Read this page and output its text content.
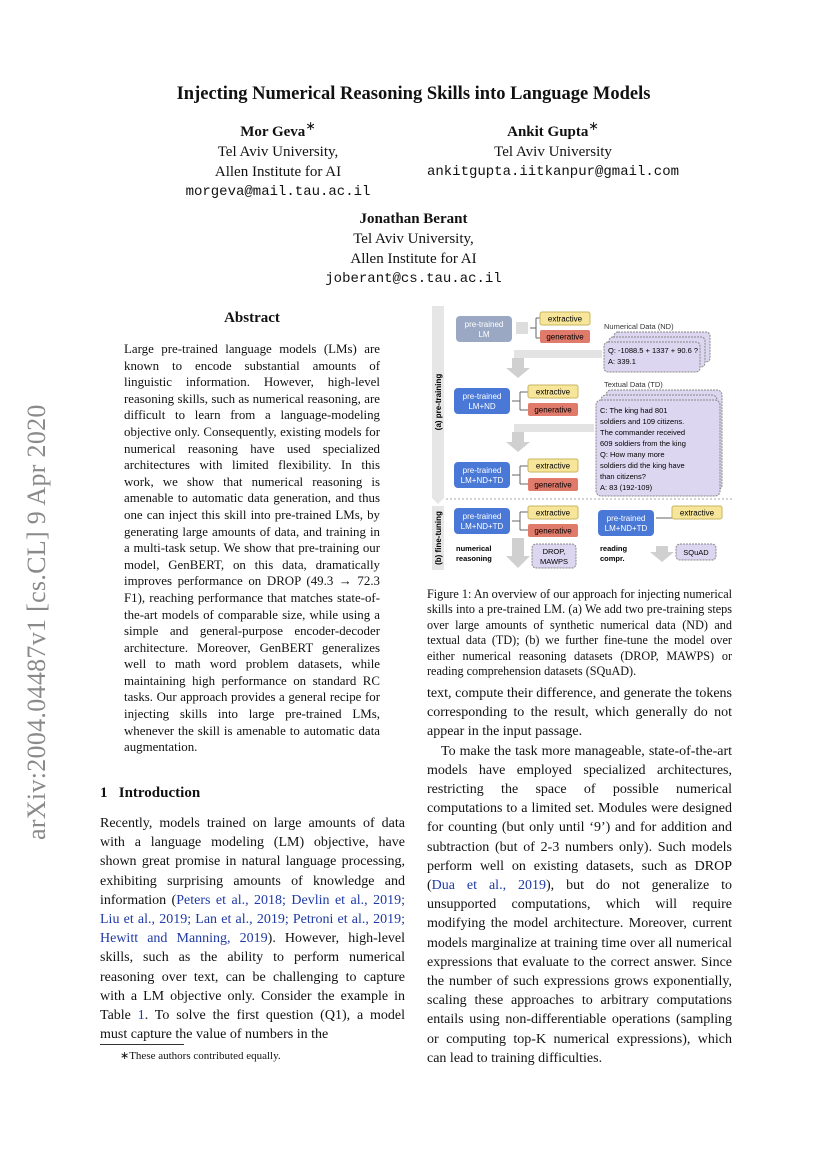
arXiv:2004.04487v1 [cs.CL] 9 Apr 2020
Injecting Numerical Reasoning Skills into Language Models
Mor Geva∗
Tel Aviv University,
Allen Institute for AI
morgeva@mail.tau.ac.il
Ankit Gupta∗
Tel Aviv University
ankitgupta.iitkanpur@gmail.com
Jonathan Berant
Tel Aviv University,
Allen Institute for AI
joberant@cs.tau.ac.il
Abstract
Large pre-trained language models (LMs) are known to encode substantial amounts of linguistic information. However, high-level reasoning skills, such as numerical reasoning, are difficult to learn from a language-modeling objective only. Consequently, existing models for numerical reasoning have used specialized architectures with limited flexibility. In this work, we show that numerical reasoning is amenable to automatic data generation, and thus one can inject this skill into pre-trained LMs, by generating large amounts of data, and training in a multi-task setup. We show that pre-training our model, GenBERT, on this data, dramatically improves performance on DROP (49.3 → 72.3 F1), reaching performance that matches state-of-the-art models of comparable size, while using a simple and general-purpose encoder-decoder architecture. Moreover, GenBERT generalizes well to math word problem datasets, while maintaining high performance on standard RC tasks. Our approach provides a general recipe for injecting skills into large pre-trained LMs, whenever the skill is amenable to automatic data augmentation.
1 Introduction
Recently, models trained on large amounts of data with a language modeling (LM) objective, have shown great promise in natural language processing, exhibiting surprising amounts of knowledge and information (Peters et al., 2018; Devlin et al., 2019; Liu et al., 2019; Lan et al., 2019; Petroni et al., 2019; Hewitt and Manning, 2019). However, high-level skills, such as the ability to perform numerical reasoning over text, can be challenging to capture with a LM objective only. Consider the example in Table 1. To solve the first question (Q1), a model must capture the value of numbers in the
∗These authors contributed equally.
(a) pre-training
(b) fine-tuning
pre-trained
LM
extractive
generative
Numerical Data (ND)
Q: -1088.5 + 1337 + 90.6 ?
A: 339.1
pre-trained
LM+ND
extractive
generative
Textual Data (TD)
C: The king had 801
soldiers and 109 citizens.
The commander received
609 soldiers from the king
Q: How many more
soldiers did the king have
than citizens?
A: 83 (192-109)
pre-trained
LM+ND+TD
extractive
generative
pre-trained
LM+ND+TD
extractive
generative
numerical
reasoning
DROP,
MAWPS
pre-trained
LM+ND+TD
extractive
reading
compr.
SQuAD
Figure 1: An overview of our approach for injecting numerical skills into a pre-trained LM. (a) We add two pre-training steps over large amounts of synthetic numerical data (ND) and textual data (TD); (b) we further fine-tune the model over either numerical reasoning datasets (DROP, MAWPS) or reading comprehension datasets (SQuAD).

text, compute their difference, and generate the tokens corresponding to the result, which generally do not appear in the input passage.

To make the task more manageable, state-of-the-art models have employed specialized architectures, restricting the space of possible numerical computations to a limited set. Modules were designed for counting (but only until ‘9’) and for addition and subtraction (but of 2-3 numbers only). Such models perform well on existing datasets, such as DROP (Dua et al., 2019), but do not generalize to unsupported computations, which will require modifying the model architecture. Moreover, current models marginalize at training time over all numerical expressions that evaluate to the correct answer. Since the number of such expressions grows exponentially, scaling these approaches to arbitrary computations entails using non-differentiable operations (sampling or computing top-K numerical expressions), which can lead to training difficulties.
